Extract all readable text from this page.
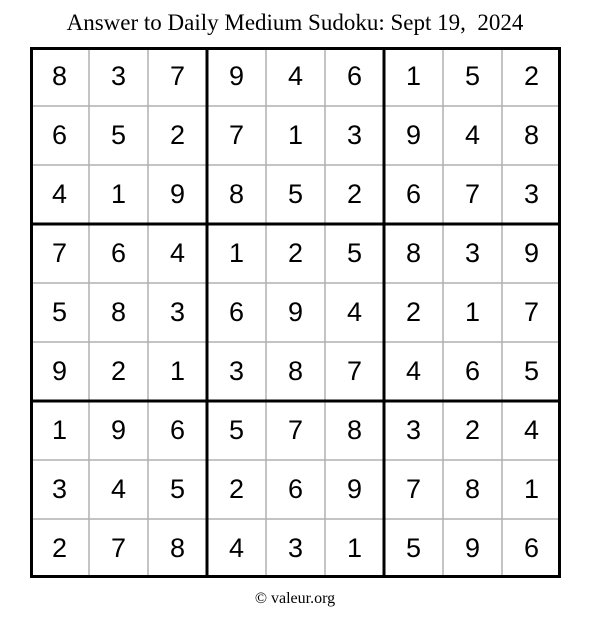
Answer to Daily Medium Sudoku: Sept 19,  2024
8	3	7	9	4	6	1	5	2
6	5	2	7	1	3	9	4	8
4	1	9	8	5	2	6	7	3
7	6	4	1	2	5	8	3	9
5	8	3	6	9	4	2	1	7
9	2	1	3	8	7	4	6	5
1	9	6	5	7	8	3	2	4
3	4	5	2	6	9	7	8	1
2	7	8	4	3	1	5	9	6
© valeur.org
